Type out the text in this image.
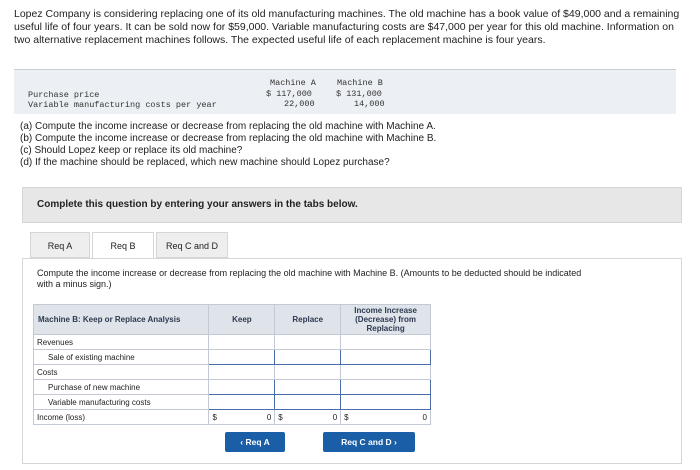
Lopez Company is considering replacing one of its old manufacturing machines. The old machine has a book value of $49,000 and a remaining useful life of four years. It can be sold now for $59,000. Variable manufacturing costs are $47,000 per year for this old machine. Information on two alternative replacement machines follows. The expected useful life of each replacement machine is four years.
Machine A Machine B
Purchase price	$ 117,000	$ 131,000
Variable manufacturing costs per year	22,000	14,000
(a) Compute the income increase or decrease from replacing the old machine with Machine A.
(b) Compute the income increase or decrease from replacing the old machine with Machine B.
(c) Should Lopez keep or replace its old machine?
(d) If the machine should be replaced, which new machine should Lopez purchase?
Complete this question by entering your answers in the tabs below.
Req A	Req B	Req C and D
Compute the income increase or decrease from replacing the old machine with Machine B. (Amounts to be deducted should be indicated with a minus sign.)
Machine B: Keep or Replace Analysis	Keep	Replace	Income Increase (Decrease) from Replacing
Revenues			
Sale of existing machine			
Costs			
Purchase of new machine			
Variable manufacturing costs			
Income (loss)	$ 0	$ 0	$ 0
‹ Req A	Req C and D ›
